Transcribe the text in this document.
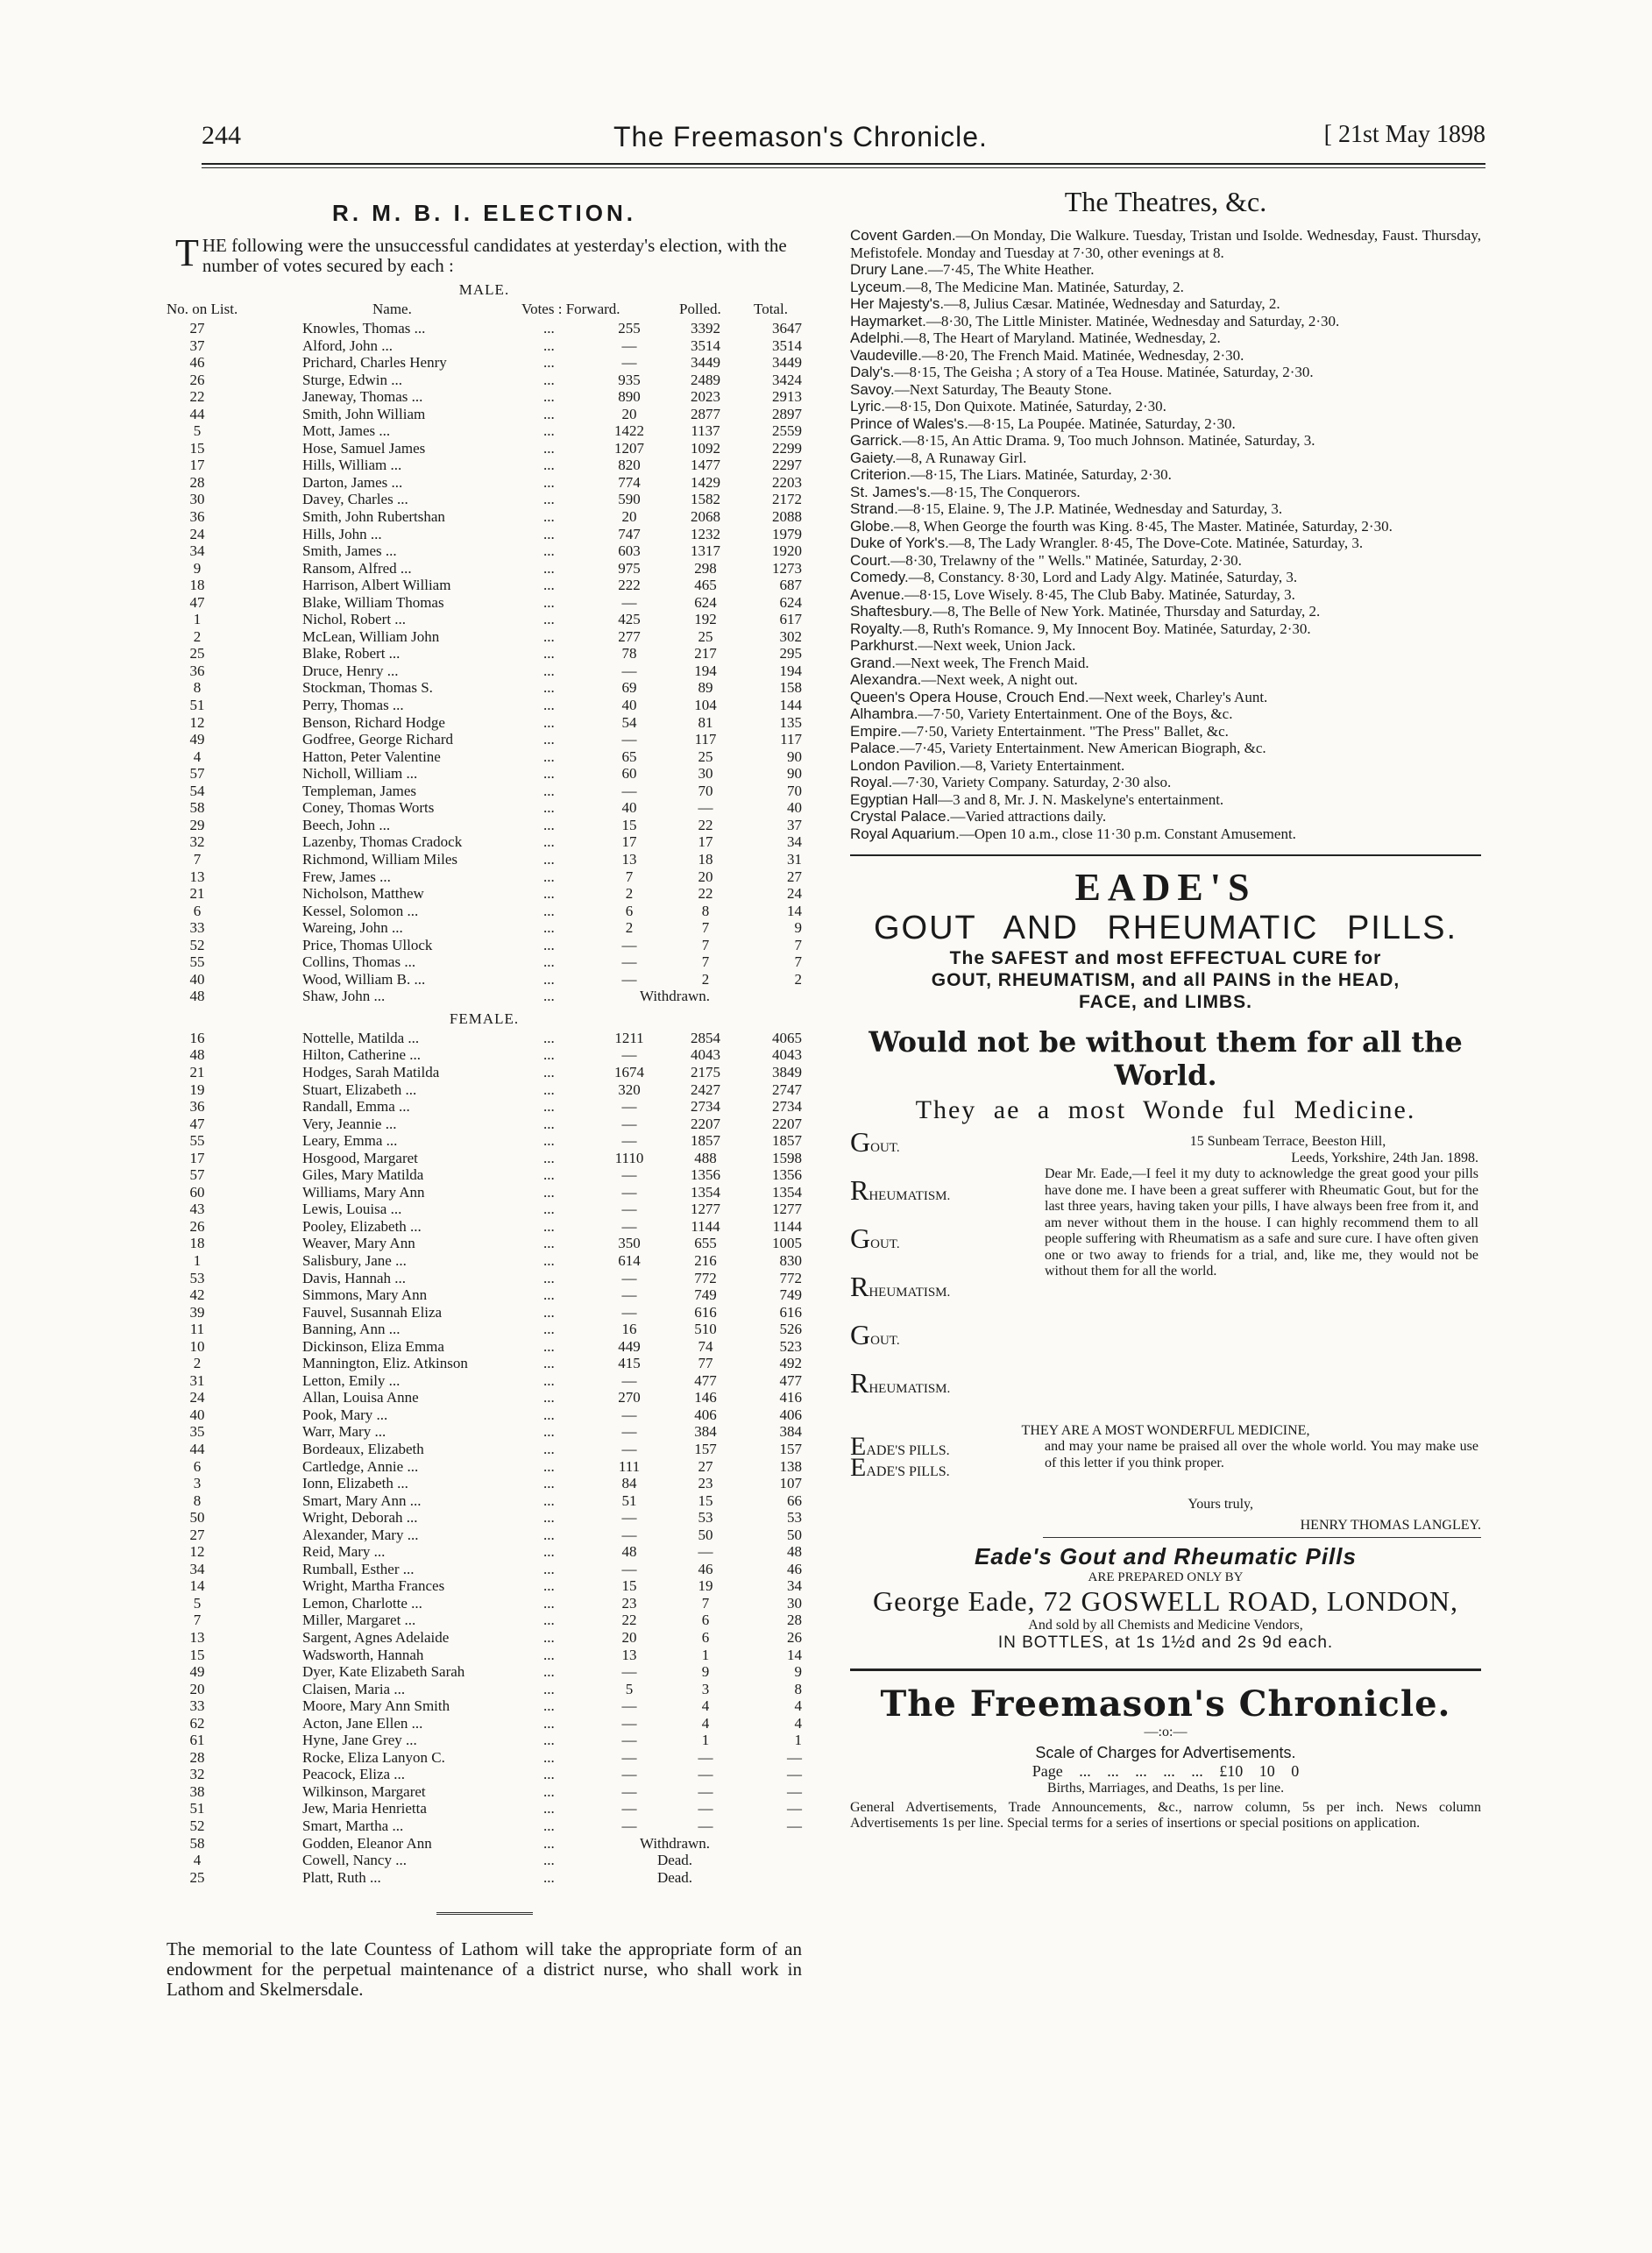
244	The Freemason's Chronicle.	[ 21st May 1898
R. M. B. I. ELECTION.
T HE following were the unsuccessful candidates at yesterday's election, with the number of votes secured by each :
MALE.
No. on List.	Name.	Votes : Forward.	Polled. Total.
27	Knowles, Thomas ...	...	255	3392	3647
37	Alford, John ...	...	—	3514	3514
46	Prichard, Charles Henry	...	—	3449	3449
26	Sturge, Edwin ...	...	935	2489	3424
22	Janeway, Thomas ...	...	890	2023	2913
44	Smith, John William	...	20	2877	2897
5	Mott, James ...	...	1422	1137	2559
15	Hose, Samuel James	...	1207	1092	2299
17	Hills, William ...	...	820	1477	2297
28	Darton, James ...	...	774	1429	2203
30	Davey, Charles ...	...	590	1582	2172
36	Smith, John Rubertshan	...	20	2068	2088
24	Hills, John ...	...	747	1232	1979
34	Smith, James ...	...	603	1317	1920
9	Ransom, Alfred ...	...	975	298	1273
18	Harrison, Albert William	...	222	465	687
47	Blake, William Thomas	...	—	624	624
1	Nichol, Robert ...	...	425	192	617
2	McLean, William John	...	277	25	302
25	Blake, Robert ...	...	78	217	295
36	Druce, Henry ...	...	—	194	194
8	Stockman, Thomas S.	...	69	89	158
51	Perry, Thomas ...	...	40	104	144
12	Benson, Richard Hodge	...	54	81	135
49	Godfree, George Richard	...	—	117	117
4	Hatton, Peter Valentine	...	65	25	90
57	Nicholl, William ...	...	60	30	90
54	Templeman, James	...	—	70	70
58	Coney, Thomas Worts	...	40	—	40
29	Beech, John ...	...	15	22	37
32	Lazenby, Thomas Cradock	...	17	17	34
7	Richmond, William Miles	...	13	18	31
13	Frew, James ...	...	7	20	27
21	Nicholson, Matthew	...	2	22	24
6	Kessel, Solomon ...	...	6	8	14
33	Wareing, John ...	...	2	7	9
52	Price, Thomas Ullock	...	—	7	7
55	Collins, Thomas ...	...	—	7	7
40	Wood, William B. ...	...	—	2	2
48	Shaw, John ...	...	Withdrawn.
FEMALE.
16	Nottelle, Matilda ...	...	1211	2854	4065
48	Hilton, Catherine ...	...	—	4043	4043
21	Hodges, Sarah Matilda	...	1674	2175	3849
19	Stuart, Elizabeth ...	...	320	2427	2747
36	Randall, Emma ...	...	—	2734	2734
47	Very, Jeannie ...	...	—	2207	2207
55	Leary, Emma ...	...	—	1857	1857
17	Hosgood, Margaret	...	1110	488	1598
57	Giles, Mary Matilda	...	—	1356	1356
60	Williams, Mary Ann	...	—	1354	1354
43	Lewis, Louisa ...	...	—	1277	1277
26	Pooley, Elizabeth ...	...	—	1144	1144
18	Weaver, Mary Ann	...	350	655	1005
1	Salisbury, Jane ...	...	614	216	830
53	Davis, Hannah ...	...	—	772	772
42	Simmons, Mary Ann	...	—	749	749
39	Fauvel, Susannah Eliza	...	—	616	616
11	Banning, Ann ...	...	16	510	526
10	Dickinson, Eliza Emma	...	449	74	523
2	Mannington, Eliz. Atkinson	...	415	77	492
31	Letton, Emily ...	...	—	477	477
24	Allan, Louisa Anne	...	270	146	416
40	Pook, Mary ...	...	—	406	406
35	Warr, Mary ...	...	—	384	384
44	Bordeaux, Elizabeth	...	—	157	157
6	Cartledge, Annie ...	...	111	27	138
3	Ionn, Elizabeth ...	...	84	23	107
8	Smart, Mary Ann ...	...	51	15	66
50	Wright, Deborah ...	...	—	53	53
27	Alexander, Mary ...	...	—	50	50
12	Reid, Mary ...	...	48	—	48
34	Rumball, Esther ...	...	—	46	46
14	Wright, Martha Frances	...	15	19	34
5	Lemon, Charlotte ...	...	23	7	30
7	Miller, Margaret ...	...	22	6	28
13	Sargent, Agnes Adelaide	...	20	6	26
15	Wadsworth, Hannah	...	13	1	14
49	Dyer, Kate Elizabeth Sarah	...	—	9	9
20	Claisen, Maria ...	...	5	3	8
33	Moore, Mary Ann Smith	...	—	4	4
62	Acton, Jane Ellen ...	...	—	4	4
61	Hyne, Jane Grey ...	...	—	1	1
28	Rocke, Eliza Lanyon C.	...	—	—	—
32	Peacock, Eliza ...	...	—	—	—
38	Wilkinson, Margaret	...	—	—	—
51	Jew, Maria Henrietta	...	—	—	—
52	Smart, Martha ...	...	—	—	—
58	Godden, Eleanor Ann	...	Withdrawn.
4	Cowell, Nancy ...	...	Dead.
25	Platt, Ruth ...	...	Dead.
The memorial to the late Countess of Lathom will take the appropriate form of an endowment for the perpetual maintenance of a district nurse, who shall work in Lathom and Skelmersdale.
The Theatres, &c.
Covent Garden.—On Monday, Die Walkure. Tuesday, Tristan und Isolde. Wednesday, Faust. Thursday, Mefistofele. Monday and Tuesday at 7·30, other evenings at 8.
Drury Lane.—7·45, The White Heather.
Lyceum.—8, The Medicine Man. Matinée, Saturday, 2.
Her Majesty's.—8, Julius Cæsar. Matinée, Wednesday and Saturday, 2.
Haymarket.—8·30, The Little Minister. Matinée, Wednesday and Saturday, 2·30.
Adelphi.—8, The Heart of Maryland. Matinée, Wednesday, 2.
Vaudeville.—8·20, The French Maid. Matinée, Wednesday, 2·30.
Daly's.—8·15, The Geisha ; A story of a Tea House. Matinée, Saturday, 2·30.
Savoy.—Next Saturday, The Beauty Stone.
Lyric.—8·15, Don Quixote. Matinée, Saturday, 2·30.
Prince of Wales's.—8·15, La Poupée. Matinée, Saturday, 2·30.
Garrick.—8·15, An Attic Drama. 9, Too much Johnson. Matinée, Saturday, 3.
Gaiety.—8, A Runaway Girl.
Criterion.—8·15, The Liars. Matinée, Saturday, 2·30.
St. James's.—8·15, The Conquerors.
Strand.—8·15, Elaine. 9, The J.P. Matinée, Wednesday and Saturday, 3.
Globe.—8, When George the fourth was King. 8·45, The Master. Matinée, Saturday, 2·30.
Duke of York's.—8, The Lady Wrangler. 8·45, The Dove-Cote. Matinée, Saturday, 3.
Court.—8·30, Trelawny of the " Wells." Matinée, Saturday, 2·30.
Comedy.—8, Constancy. 8·30, Lord and Lady Algy. Matinée, Saturday, 3.
Avenue.—8·15, Love Wisely. 8·45, The Club Baby. Matinée, Saturday, 3.
Shaftesbury.—8, The Belle of New York. Matinée, Thursday and Saturday, 2.
Royalty.—8, Ruth's Romance. 9, My Innocent Boy. Matinée, Saturday, 2·30.
Parkhurst.—Next week, Union Jack.
Grand.—Next week, The French Maid.
Alexandra.—Next week, A night out.
Queen's Opera House, Crouch End.—Next week, Charley's Aunt.
Alhambra.—7·50, Variety Entertainment. One of the Boys, &c.
Empire.—7·50, Variety Entertainment. "The Press" Ballet, &c.
Palace.—7·45, Variety Entertainment. New American Biograph, &c.
London Pavilion.—8, Variety Entertainment.
Royal.—7·30, Variety Company. Saturday, 2·30 also.
Egyptian Hall—3 and 8, Mr. J. N. Maskelyne's entertainment.
Crystal Palace.—Varied attractions daily.
Royal Aquarium.—Open 10 a.m., close 11·30 p.m. Constant Amusement.
EADE'S
GOUT AND RHEUMATIC PILLS.
The SAFEST and most EFFECTUAL CURE for
GOUT, RHEUMATISM, and all PAINS in the HEAD,
FACE, and LIMBS.
Would not be without them for all the World.
They ae a most Wonde ful Medicine.
GOUT.
RHEUMATISM.
GOUT.
RHEUMATISM.
GOUT.
RHEUMATISM.
15 Sunbeam Terrace, Beeston Hill,
Leeds, Yorkshire, 24th Jan. 1898.
Dear Mr. Eade,—I feel it my duty to acknowledge the great good your pills have done me. I have been a great sufferer with Rheumatic Gout, but for the last three years, having taken your pills, I have always been free from it, and am never without them in the house. I can highly recommend them to all people suffering with Rheumatism as a safe and sure cure. I have often given one or two away to friends for a trial, and, like me, they would not be without them for all the world.
THEY ARE A MOST WONDERFUL MEDICINE,
EADE'S PILLS.
EADE'S PILLS.
and may your name be praised all over the whole world. You may make use of this letter if you think proper.
Yours truly,
HENRY THOMAS LANGLEY.
Eade's Gout and Rheumatic Pills
ARE PREPARED ONLY BY
George Eade, 72 GOSWELL ROAD, LONDON,
And sold by all Chemists and Medicine Vendors,
IN BOTTLES, at 1s 1½d and 2s 9d each.
The Freemason's Chronicle.
—:o:—
Scale of Charges for Advertisements.
Page ... ... ... ... ... £10 10 0
Births, Marriages, and Deaths, 1s per line.
General Advertisements, Trade Announcements, &c., narrow column, 5s per inch. News column Advertisements 1s per line. Special terms for a series of insertions or special positions on application.
